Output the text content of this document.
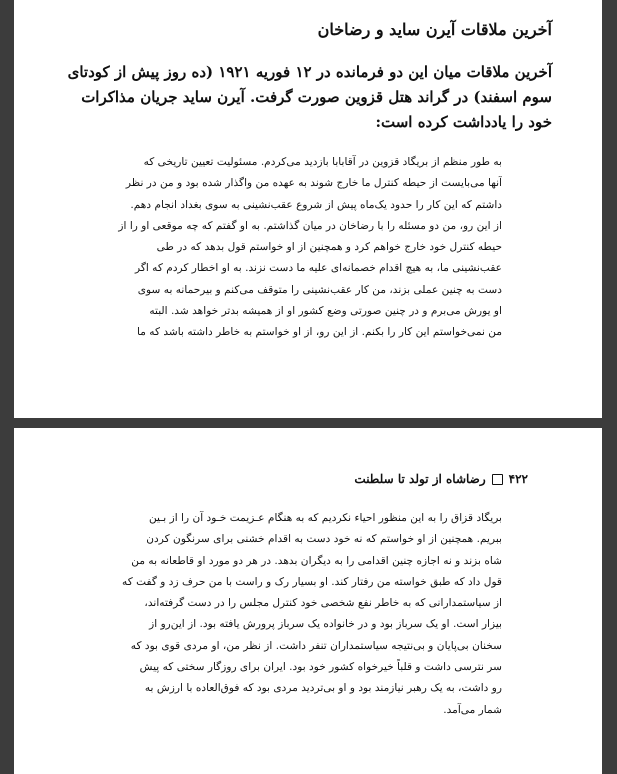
آخرین ملاقات آیرن ساید و رضاخان
آخرین ملاقات میان این دو فرمانده در ۱۲ فوریه ۱۹۲۱ (ده روز پیش از کودتای
سوم اسفند) در گراند هتل قزوین صورت گرفت. آیرن ساید جریان مذاکرات
خود را یادداشت کرده است:
به طور منظم از بریگاد قزوین در آقابابا بازدید می‌کردم. مسئولیت تعیین تاریخی که
آنها می‌بایست از حیطه کنترل ما خارج شوند به عهده من واگذار شده بود و من در نظر
داشتم که این کار را حدود یک‌ماه پیش از شروع عقب‌نشینی به سوی بغداد انجام دهم.
از این رو، من دو مسئله را با رضاخان در میان گذاشتم. به او گفتم که چه موقعی او را از
حیطه کنترل خود خارج خواهم کرد و همچنین از او خواستم قول بدهد که در طی
عقب‌نشینی ما، به هیچ اقدام خصمانه‌ای علیه ما دست نزند. به او اخطار کردم که اگر
دست به چنین عملی بزند، من کار عقب‌نشینی را متوقف می‌کنم و بیرحمانه به سوی
او یورش می‌برم و در چنین صورتی وضع کشور او از همیشه بدتر خواهد شد. البته
من نمی‌خواستم این کار را بکنم. از این رو، از او خواستم به خاطر داشته باشد که ما
۴۲۲
رضاشاه از تولد تا سلطنت
بریگاد قزاق را به این منظور احیاء نکردیم که به هنگام عـزیمت خـود آن را از بـین
ببریم. همچنین از او خواستم که نه خود دست به اقدام خشنی برای سرنگون کردن
شاه بزند و نه اجازه چنین اقدامی را به دیگران بدهد. در هر دو مورد او قاطعانه به من
قول داد که طبق خواسته من رفتار کند. او بسیار رک و راست با من حرف زد و گفت که
از سیاستمدارانی که به خاطر نفع شخصی خود کنترل مجلس را در دست گرفته‌اند،
بیزار است. او یک سرباز بود و در خانواده یک سرباز پرورش یافته بود. از این‌رو از
سخنان بی‌پایان و بی‌نتیجه سیاستمداران تنفر داشت. از نظر من، او مردی قوی بود که
سر نترسی داشت و قلباً خیرخواه کشور خود بود. ایران برای روزگار سختی که پیش
رو داشت، به یک رهبر نیازمند بود و او بی‌تردید مردی بود که فوق‌العاده با ارزش به
شمار می‌آمد.
